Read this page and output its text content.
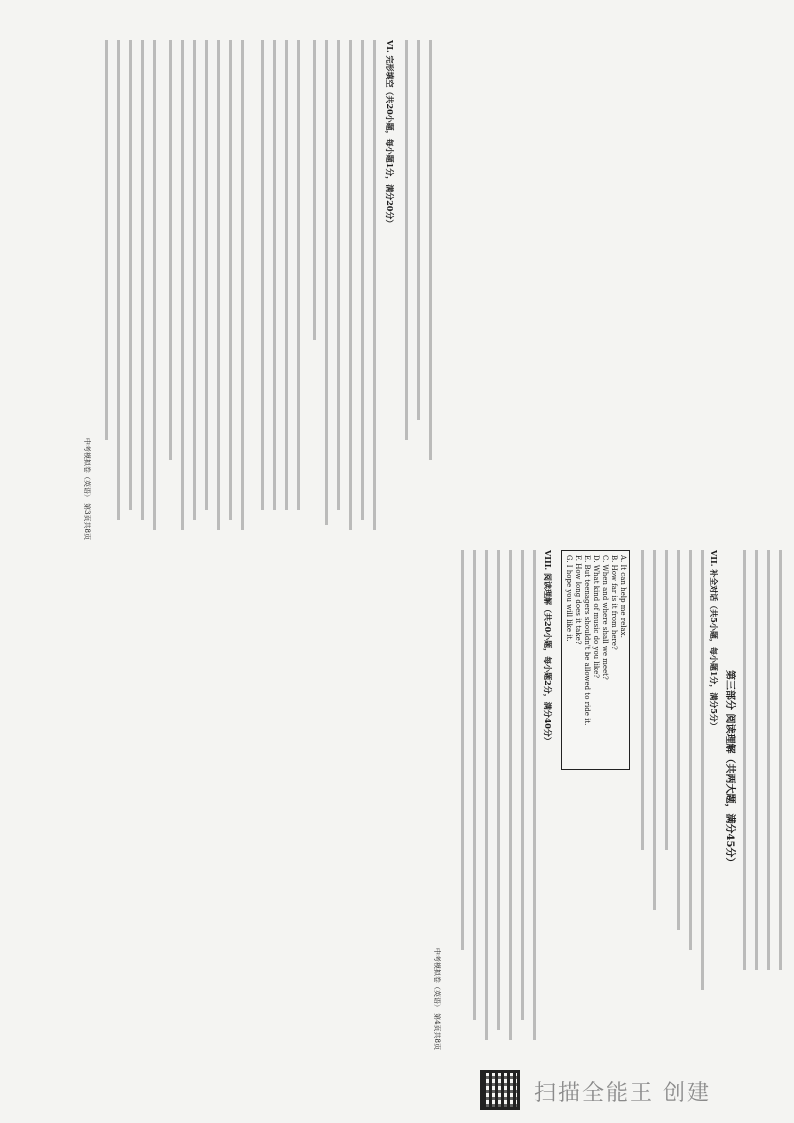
VI. 完形填空（共20小题，每小题1分，满分20分）
中考模拟卷（英语） 第3页共8页
第三部分 阅读理解（共两大题，满分45分）
VII. 补全对话（共5小题，每小题1分，满分5分）
A. It can help me relax.
B. How far is it from here?
C. When and where shall we meet?
D. What kind of music do you like?
E. But teenagers shouldn't be allowed to ride it.
F. How long does it take?
G. I hope you will like it.
VIII. 阅读理解（共20小题，每小题2分，满分40分）
中考模拟卷（英语） 第4页共8页
扫描全能王 创建
